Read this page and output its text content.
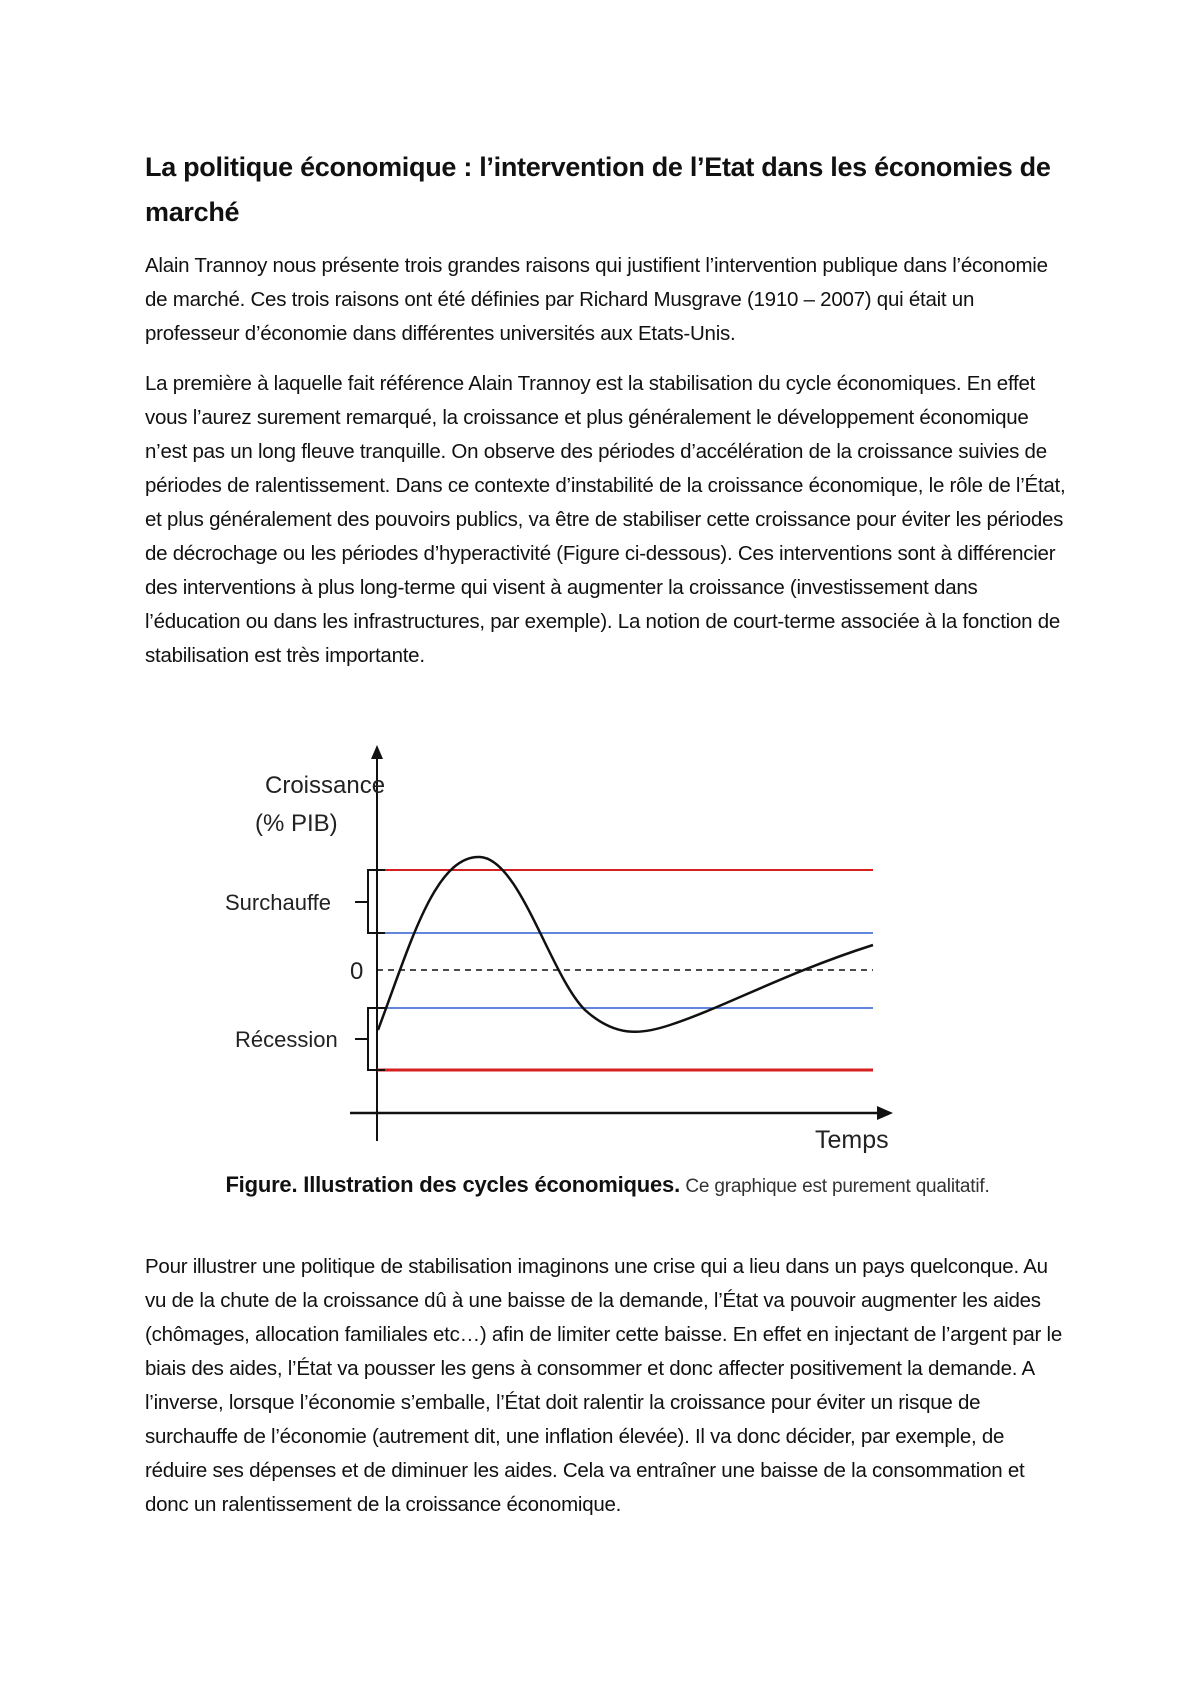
La politique économique : l’intervention de l’Etat dans les économies de marché

Alain Trannoy nous présente trois grandes raisons qui justifient l’intervention publique dans l’économie de marché. Ces trois raisons ont été définies par Richard Musgrave (1910 – 2007) qui était un professeur d’économie dans différentes universités aux Etats-Unis.

La première à laquelle fait référence Alain Trannoy est la stabilisation du cycle économiques. En effet vous l’aurez surement remarqué, la croissance et plus généralement le développement économique n’est pas un long fleuve tranquille. On observe des périodes d’accélération de la croissance suivies de périodes de ralentissement. Dans ce contexte d’instabilité de la croissance économique, le rôle de l’État, et plus généralement des pouvoirs publics, va être de stabiliser cette croissance pour éviter les périodes de décrochage ou les périodes d’hyperactivité (Figure ci-dessous). Ces interventions sont à différencier des interventions à plus long-terme qui visent à augmenter la croissance (investissement dans l’éducation ou dans les infrastructures, par exemple). La notion de court-terme associée à la fonction de stabilisation est très importante.

Croissance
(% PIB)
Surchauffe
0
Récession
Temps
Figure. Illustration des cycles économiques. Ce graphique est purement qualitatif.

Pour illustrer une politique de stabilisation imaginons une crise qui a lieu dans un pays quelconque. Au vu de la chute de la croissance dû à une baisse de la demande, l’État va pouvoir augmenter les aides (chômages, allocation familiales etc…) afin de limiter cette baisse. En effet en injectant de l’argent par le biais des aides, l’État va pousser les gens à consommer et donc affecter positivement la demande. A l’inverse, lorsque l’économie s’emballe, l’État doit ralentir la croissance pour éviter un risque de surchauffe de l’économie (autrement dit, une inflation élevée). Il va donc décider, par exemple, de réduire ses dépenses et de diminuer les aides. Cela va entraîner une baisse de la consommation et donc un ralentissement de la croissance économique.
